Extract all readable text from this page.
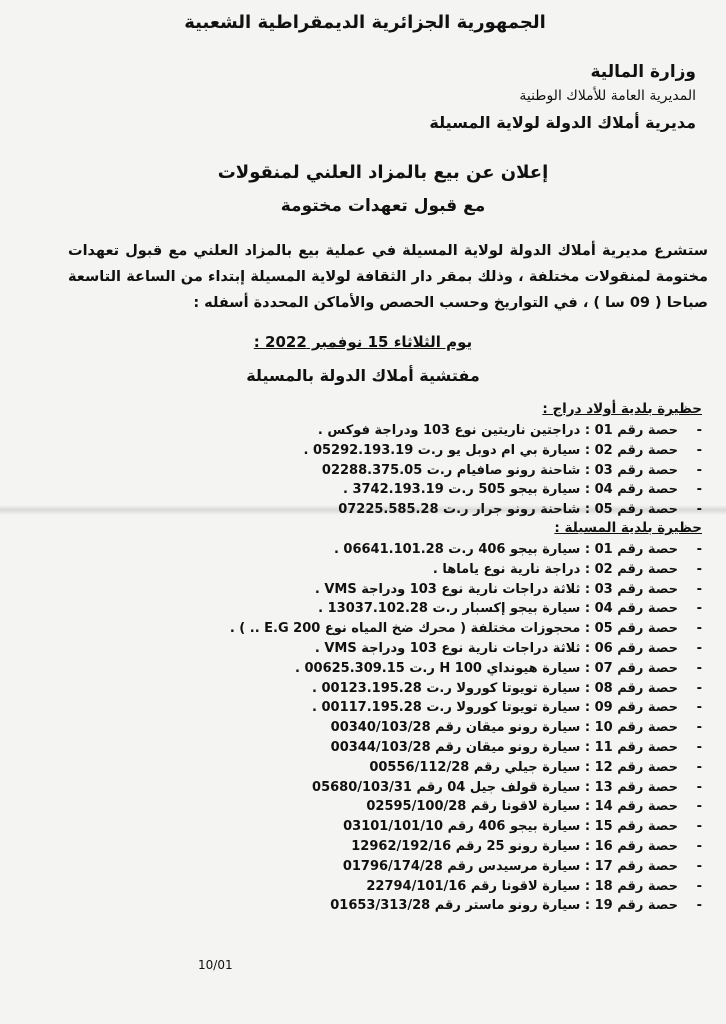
الجمهورية الجزائرية الديمقراطية الشعبية
وزارة المالية
المديرية العامة للأملاك الوطنية
مديرية أملاك الدولة لولاية المسيلة
إعلان عن بيع بالمزاد العلني لمنقولات
مع قبول تعهدات مختومة
ستشرع مديرية أملاك الدولة لولاية المسيلة في عملية بيع بالمزاد العلني مع قبول تعهدات مختومة لمنقولات مختلفة ، وذلك بمقر دار الثقافة لولاية المسيلة إبتداء من الساعة التاسعة صباحا ( 09 سا ) ، في التواريخ وحسب الحصص والأماكن المحددة أسفله :
يوم الثلاثاء 15 نوفمبر 2022 :
مفتشية أملاك الدولة بالمسيلة
حظيرة بلدية أولاد دراج :
-حصة رقم 01 : دراجتين ناريتين نوع 103 ودراجة فوكس .
-حصة رقم 02 : سيارة بي ام دوبل يو ر.ت 05292.193.19 .
-حصة رقم 03 : شاحنة رونو صافيام ر.ت 02288.375.05
-حصة رقم 04 : سيارة بيجو 505 ر.ت 3742.193.19 .
-حصة رقم 05 : شاحنة رونو جرار ر.ت 07225.585.28
حظيرة بلدية المسيلة :
-حصة رقم 01 : سيارة بيجو 406 ر.ت 06641.101.28 .
-حصة رقم 02 : دراجة نارية نوع ياماها .
-حصة رقم 03 : ثلاثة دراجات نارية نوع 103 ودراجة VMS .
-حصة رقم 04 : سيارة بيجو إكسبار ر.ت 13037.102.28 .
-حصة رقم 05 : محجوزات مختلفة ( محرك ضخ المياه نوع E.G 200 .. ) .
-حصة رقم 06 : ثلاثة دراجات نارية نوع 103 ودراجة VMS .
-حصة رقم 07 : سيارة هيونداي H 100 ر.ت 00625.309.15 .
-حصة رقم 08 : سيارة تويوتا كورولا ر.ت 00123.195.28 .
-حصة رقم 09 : سيارة تويوتا كورولا ر.ت 00117.195.28 .
-حصة رقم 10 : سيارة رونو ميقان رقم 00340/103/28
-حصة رقم 11 : سيارة رونو ميقان رقم 00344/103/28
-حصة رقم 12 : سيارة جيلي رقم 00556/112/28
-حصة رقم 13 : سيارة قولف جيل 04 رقم 05680/103/31
-حصة رقم 14 : سيارة لاقونا رقم 02595/100/28
-حصة رقم 15 : سيارة بيجو 406 رقم 03101/101/10
-حصة رقم 16 : سيارة رونو 25 رقم 12962/192/16
-حصة رقم 17 : سيارة مرسيدس رقم 01796/174/28
-حصة رقم 18 : سيارة لاقونا رقم 22794/101/16
-حصة رقم 19 : سيارة رونو ماستر رقم 01653/313/28
10/01
